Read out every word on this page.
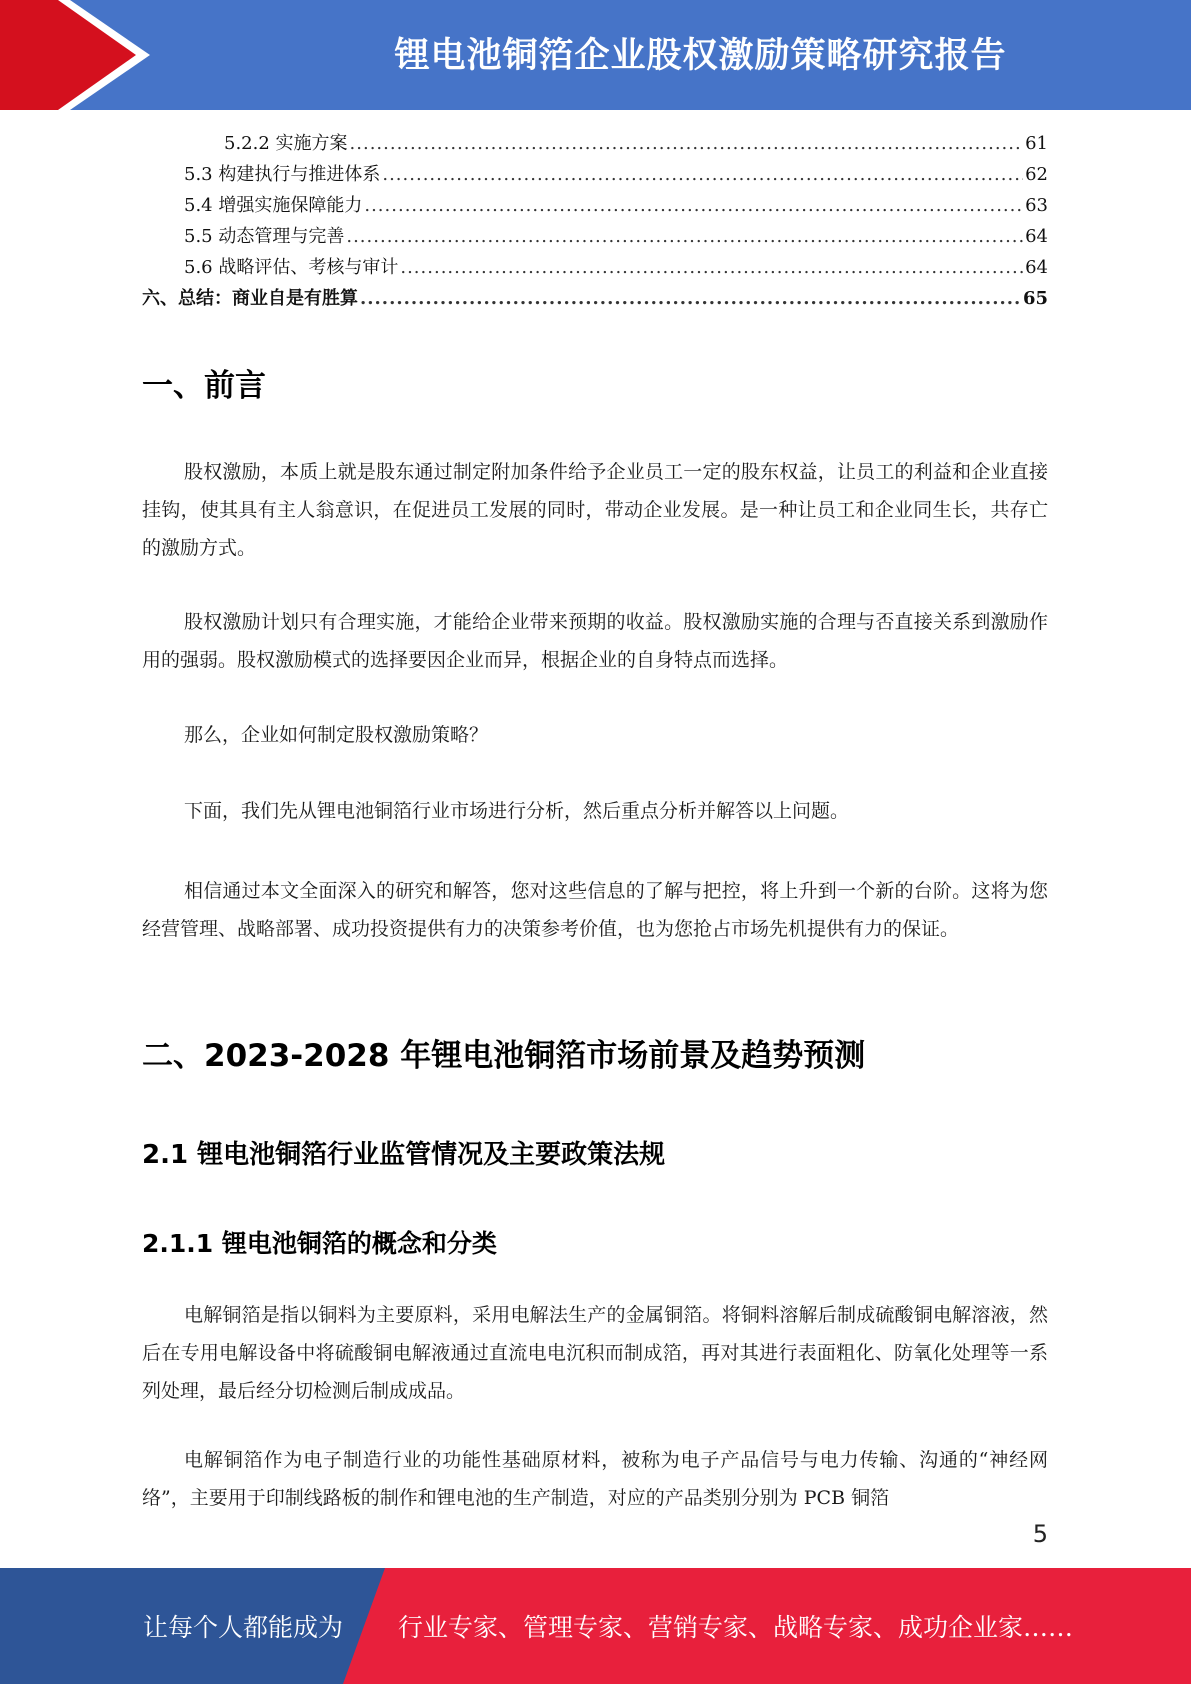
锂电池铜箔企业股权激励策略研究报告
5.2.2 实施方案 .....	61
5.3 构建执行与推进体系 .....	62
5.4 增强实施保障能力 .....	63
5.5 动态管理与完善 .....	64
5.6 战略评估、考核与审计 .....	64
六、总结：商业自是有胜算 .....	65
一、前言

股权激励，本质上就是股东通过制定附加条件给予企业员工一定的股东权益，让员工的利益和企业直接挂钩，使其具有主人翁意识，在促进员工发展的同时，带动企业发展。是一种让员工和企业同生长，共存亡的激励方式。

股权激励计划只有合理实施，才能给企业带来预期的收益。股权激励实施的合理与否直接关系到激励作用的强弱。股权激励模式的选择要因企业而异，根据企业的自身特点而选择。

那么，企业如何制定股权激励策略？

下面，我们先从锂电池铜箔行业市场进行分析，然后重点分析并解答以上问题。

相信通过本文全面深入的研究和解答，您对这些信息的了解与把控，将上升到一个新的台阶。这将为您经营管理、战略部署、成功投资提供有力的决策参考价值，也为您抢占市场先机提供有力的保证。

二、2023-2028 年锂电池铜箔市场前景及趋势预测
2.1 锂电池铜箔行业监管情况及主要政策法规
2.1.1 锂电池铜箔的概念和分类

电解铜箔是指以铜料为主要原料，采用电解法生产的金属铜箔。将铜料溶解后制成硫酸铜电解溶液，然后在专用电解设备中将硫酸铜电解液通过直流电电沉积而制成箔，再对其进行表面粗化、防氧化处理等一系列处理，最后经分切检测后制成成品。

电解铜箔作为电子制造行业的功能性基础原材料，被称为电子产品信号与电力传输、沟通的“神经网络”，主要用于印制线路板的制作和锂电池的生产制造，对应的产品类别分别为 PCB 铜箔

5
让每个人都能成为 行业专家、管理专家、营销专家、战略专家、成功企业家……
